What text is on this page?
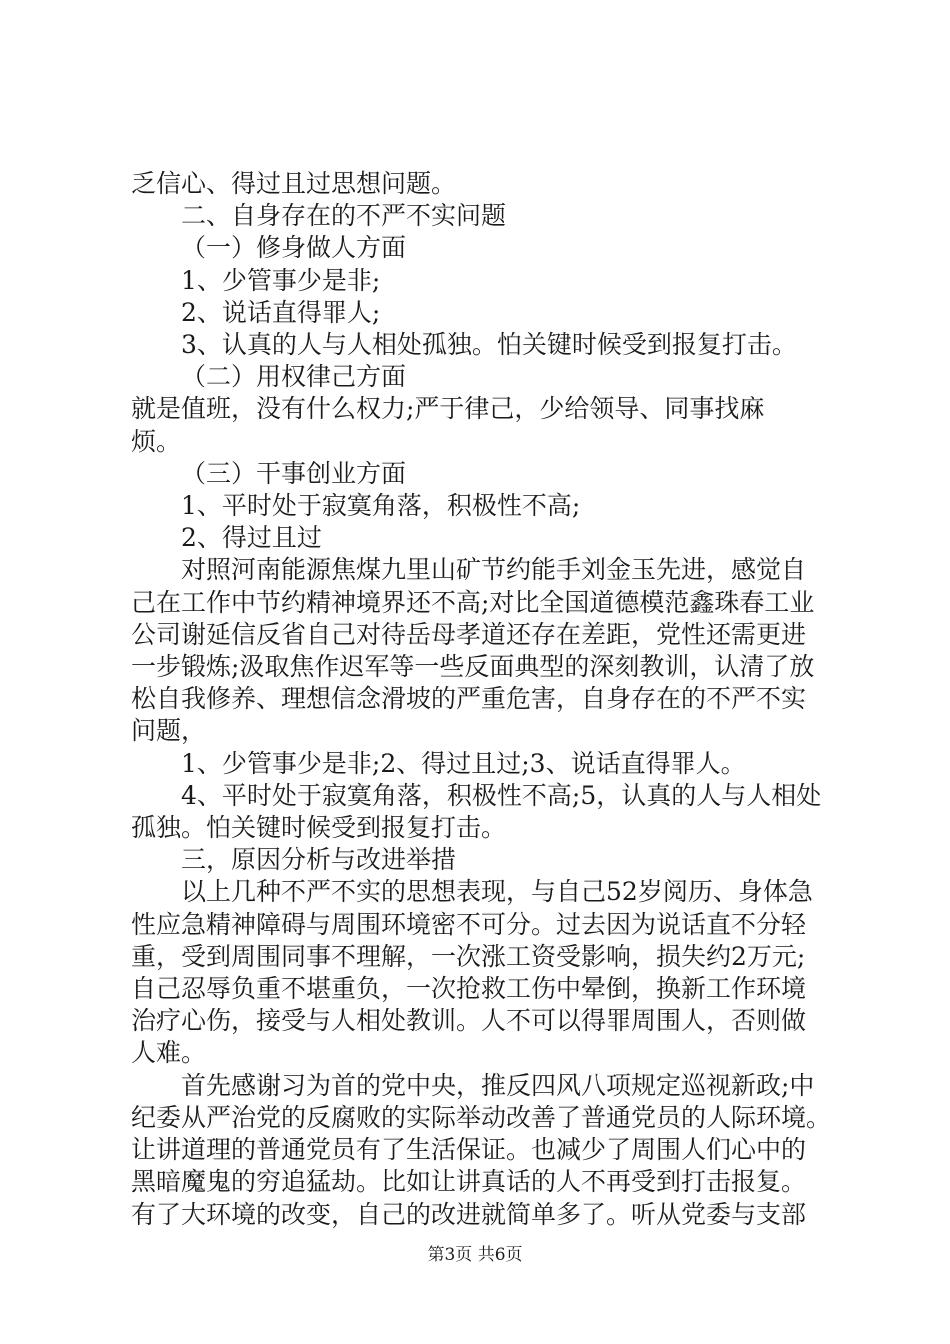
乏信心、得过且过思想问题。

二、自身存在的不严不实问题

（一）修身做人方面

1、少管事少是非;

2、说话直得罪人;

3、认真的人与人相处孤独。怕关键时候受到报复打击。

（二）用权律己方面

就是值班，没有什么权力;严于律己，少给领导、同事找麻

烦。

（三）干事创业方面

1、平时处于寂寞角落，积极性不高;

2、得过且过

对照河南能源焦煤九里山矿节约能手刘金玉先进，感觉自

己在工作中节约精神境界还不高;对比全国道德模范鑫珠春工业

公司谢延信反省自己对待岳母孝道还存在差距，党性还需更进

一步锻炼;汲取焦作迟军等一些反面典型的深刻教训，认清了放

松自我修养、理想信念滑坡的严重危害，自身存在的不严不实

问题，

1、少管事少是非;2、得过且过;3、说话直得罪人。

4、平时处于寂寞角落，积极性不高;5，认真的人与人相处

孤独。怕关键时候受到报复打击。

三，原因分析与改进举措

以上几种不严不实的思想表现，与自己52岁阅历、身体急

性应急精神障碍与周围环境密不可分。过去因为说话直不分轻

重，受到周围同事不理解，一次涨工资受影响，损失约2万元;

自己忍辱负重不堪重负，一次抢救工伤中晕倒，换新工作环境

治疗心伤，接受与人相处教训。人不可以得罪周围人，否则做

人难。

首先感谢习为首的党中央，推反四风八项规定巡视新政;中

纪委从严治党的反腐败的实际举动改善了普通党员的人际环境。

让讲道理的普通党员有了生活保证。也减少了周围人们心中的

黑暗魔鬼的穷追猛劫。比如让讲真话的人不再受到打击报复。

有了大环境的改变，自己的改进就简单多了。听从党委与支部

第3页 共6页
